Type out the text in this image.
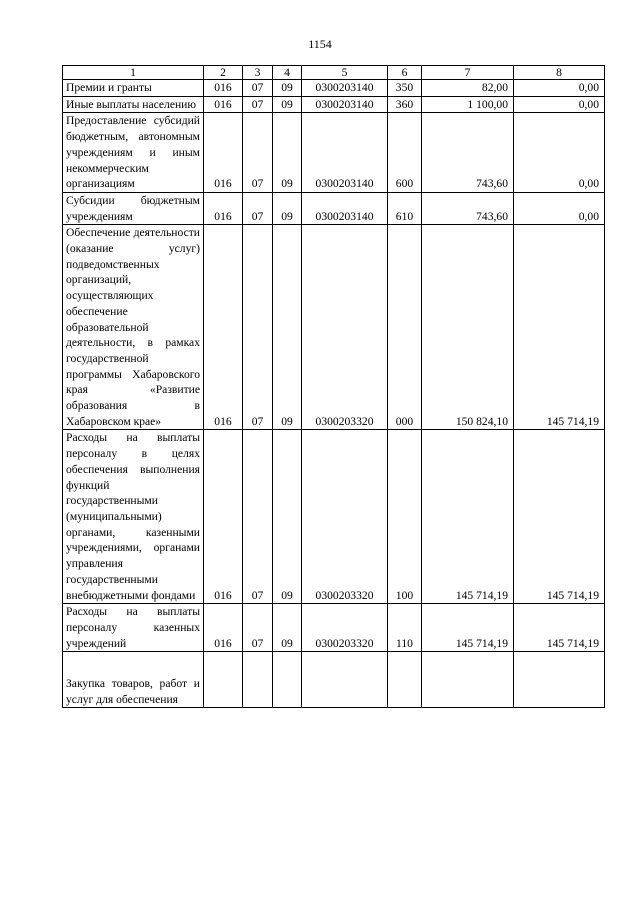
1154
1	2	3	4	5	6	7	8
Премии и гранты	016	07	09	0300203140	350	82,00	0,00
Иные выплаты населению	016	07	09	0300203140	360	1 100,00	0,00
Предоставление субсидий бюджетным, автономным учреждениям и иным некоммерческим организациям	016	07	09	0300203140	600	743,60	0,00
Субсидии бюджетным учреждениям	016	07	09	0300203140	610	743,60	0,00
Обеспечение деятельности (оказание услуг) подведомственных организаций, осуществляющих обеспечение образовательной деятельности, в рамках государственной программы Хабаровского края «Развитие образования в Хабаровском крае»	016	07	09	0300203320	000	150 824,10	145 714,19
Расходы на выплаты персоналу в целях обеспечения выполнения функций государственными (муниципальными) органами, казенными учреждениями, органами управления государственными внебюджетными фондами	016	07	09	0300203320	100	145 714,19	145 714,19
Расходы на выплаты персоналу казенных учреждений	016	07	09	0300203320	110	145 714,19	145 714,19
Закупка товаров, работ и услуг для обеспечения							
